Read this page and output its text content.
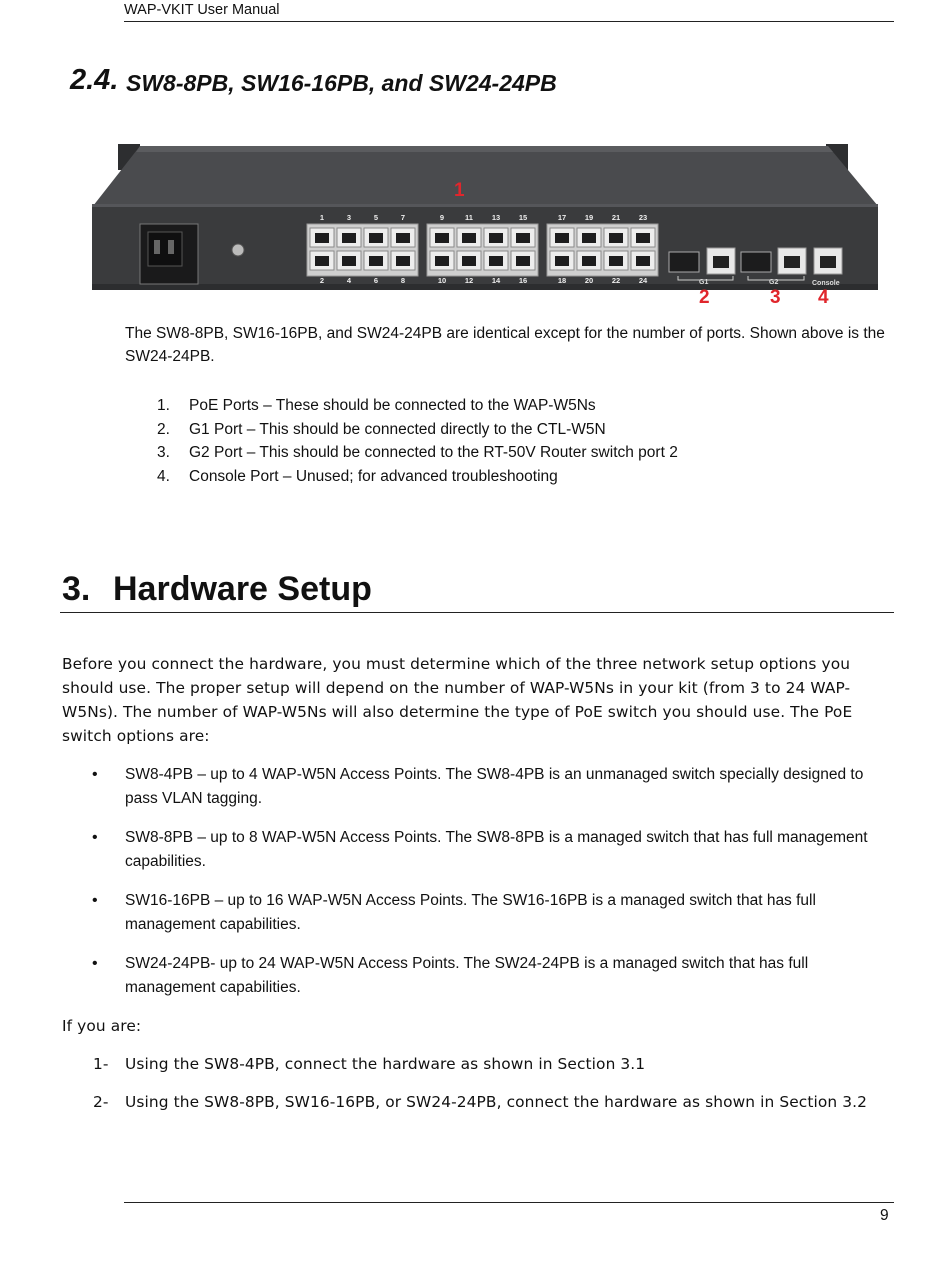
WAP-VKIT User Manual
2.4. SW8-8PB, SW16-16PB, and SW24-24PB
1
2
3
4
5
6
7
8
9
10
11
12
13
14
15
16
17
18
19
20
21
22
23
24	G1	G2	Console
1
2	3 4
The SW8-8PB, SW16-16PB, and SW24-24PB are identical except for the number of ports. Shown above is the SW24-24PB.
1. PoE Ports – These should be connected to the WAP-W5Ns
2. G1 Port – This should be connected directly to the CTL-W5N
3. G2 Port – This should be connected to the RT-50V Router switch port 2
4. Console Port – Unused; for advanced troubleshooting
3. Hardware Setup
Before you connect the hardware, you must determine which of the three network setup options you should use. The proper setup will depend on the number of WAP-W5Ns in your kit (from 3 to 24 WAP-W5Ns). The number of WAP-W5Ns will also determine the type of PoE switch you should use. The PoE switch options are:
• SW8-4PB – up to 4 WAP-W5N Access Points. The SW8-4PB is an unmanaged switch specially designed to pass VLAN tagging.
• SW8-8PB – up to 8 WAP-W5N Access Points. The SW8-8PB is a managed switch that has full management capabilities.
• SW16-16PB – up to 16 WAP-W5N Access Points. The SW16-16PB is a managed switch that has full management capabilities.
• SW24-24PB- up to 24 WAP-W5N Access Points. The SW24-24PB is a managed switch that has full management capabilities.
If you are:
1- Using the SW8-4PB, connect the hardware as shown in Section 3.1
2- Using the SW8-8PB, SW16-16PB, or SW24-24PB, connect the hardware as shown in Section 3.2
9
